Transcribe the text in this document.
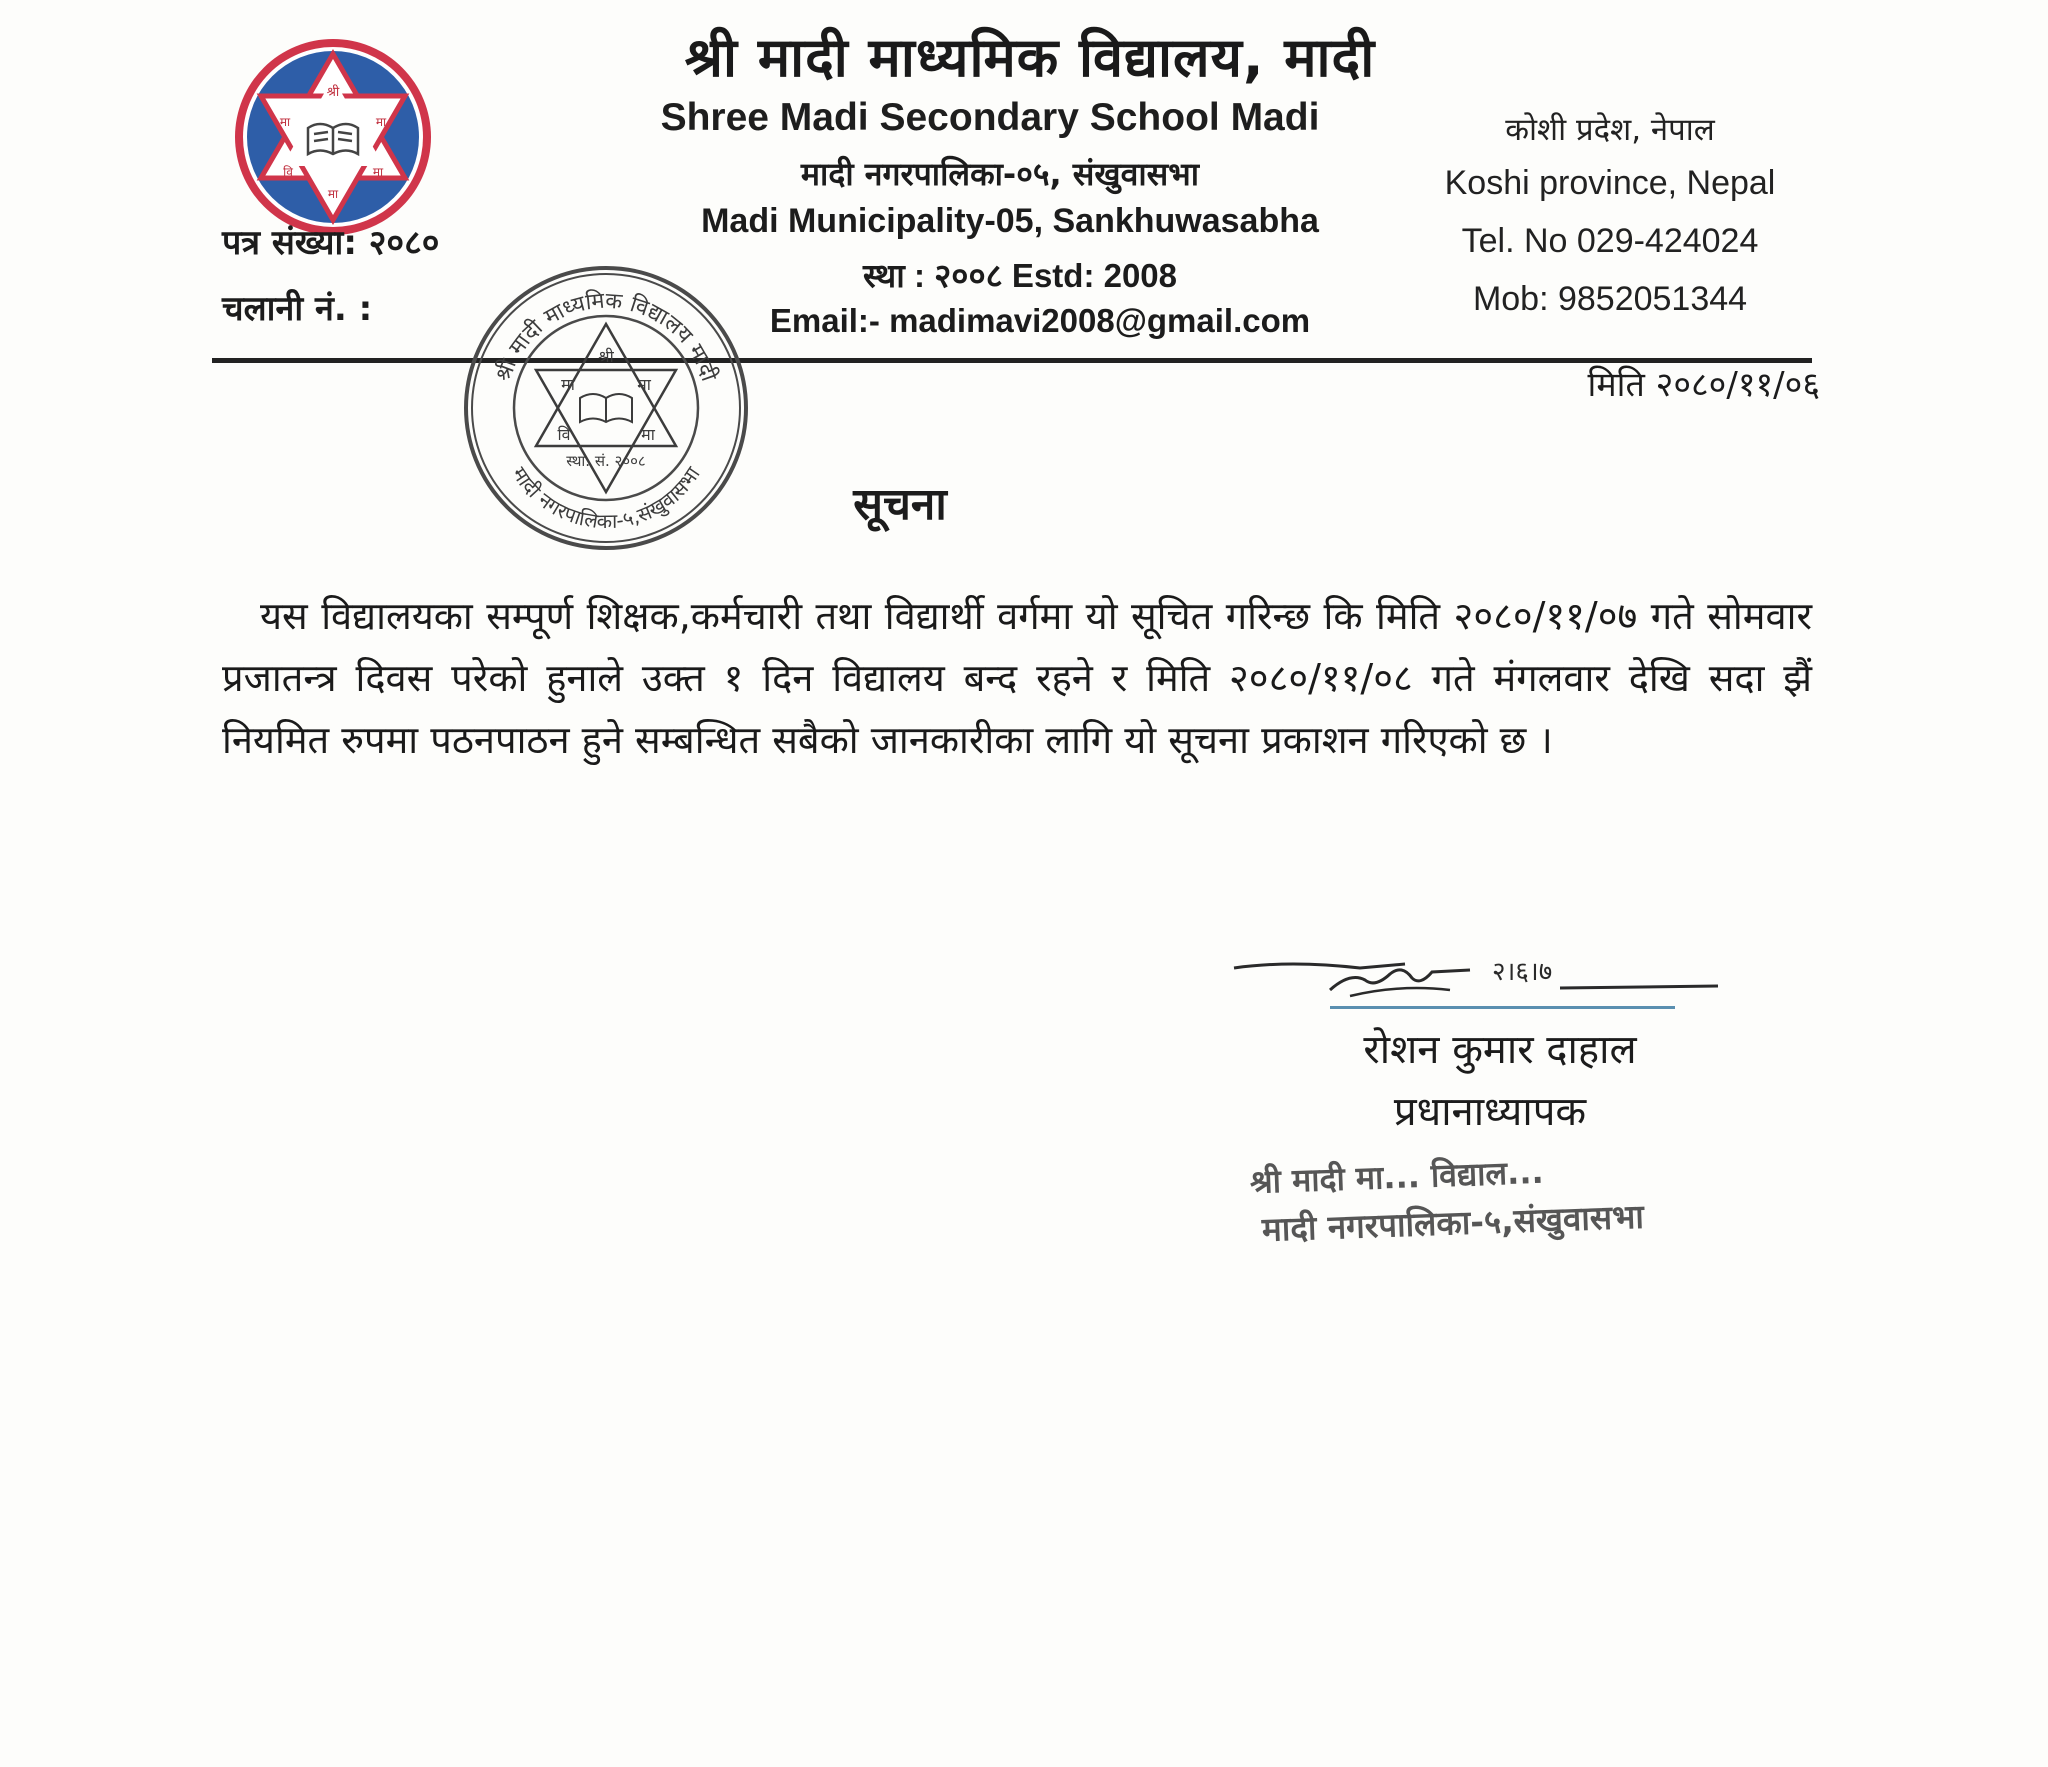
श्री
मा	मा
वि	मा
मा
श्री मादी माध्यमिक विद्यालय, मादी
Shree Madi Secondary School Madi
मादी नगरपालिका-०५, संखुवासभा
Madi Municipality-05, Sankhuwasabha
स्था : २००८ Estd: 2008
Email:- madimavi2008@gmail.com
कोशी प्रदेश, नेपाल
Koshi province, Nepal
Tel. No 029-424024
Mob: 9852051344
पत्र संख्या: २०८०
चलानी नं. :
मिति २०८०/११/०६
श्री मादी माध्यमिक विद्यालय मादी
मादी नगरपालिका-५,संखुवासभा
श्री
मा	मा
वि	मा
स्था. सं. २००८
सूचना
यस विद्यालयका सम्पूर्ण शिक्षक,कर्मचारी तथा विद्यार्थी वर्गमा यो सूचित गरिन्छ कि मिति २०८०/११/०७ गते सोमवार प्रजातन्त्र दिवस परेको हुनाले उक्त १ दिन विद्यालय बन्द रहने र मिति २०८०/११/०८ गते मंगलवार देखि सदा झैं नियमित रुपमा पठनपाठन हुने सम्बन्धित सबैको जानकारीका लागि यो सूचना प्रकाशन गरिएको छ ।
२।६।७
रोशन कुमार दाहाल
प्रधानाध्यापक
श्री मादी मा... विद्याल...
मादी नगरपालिका-५,संखुवासभा
